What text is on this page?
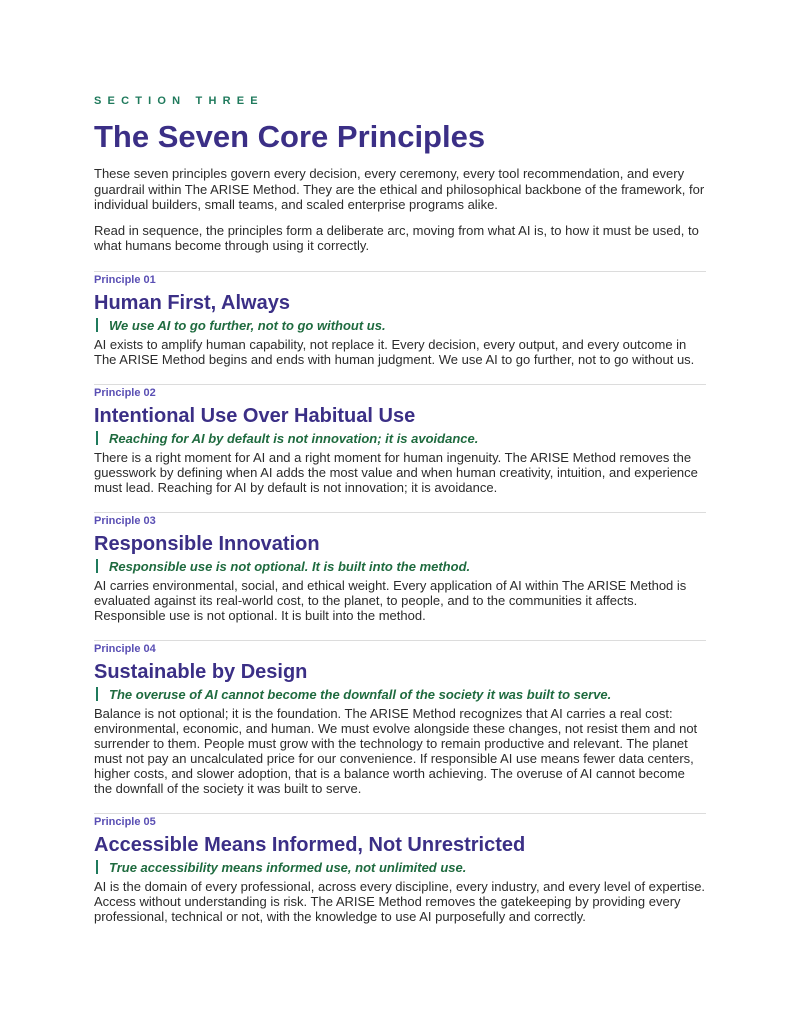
SECTION THREE
The Seven Core Principles

These seven principles govern every decision, every ceremony, every tool recommendation, and every guardrail within The ARISE Method. They are the ethical and philosophical backbone of the framework, for individual builders, small teams, and scaled enterprise programs alike.

Read in sequence, the principles form a deliberate arc, moving from what AI is, to how it must be used, to what humans become through using it correctly.

Principle 01
Human First, Always
We use AI to go further, not to go without us.

AI exists to amplify human capability, not replace it. Every decision, every output, and every outcome in The ARISE Method begins and ends with human judgment. We use AI to go further, not to go without us.

Principle 02
Intentional Use Over Habitual Use
Reaching for AI by default is not innovation; it is avoidance.

There is a right moment for AI and a right moment for human ingenuity. The ARISE Method removes the guesswork by defining when AI adds the most value and when human creativity, intuition, and experience must lead. Reaching for AI by default is not innovation; it is avoidance.

Principle 03
Responsible Innovation
Responsible use is not optional. It is built into the method.

AI carries environmental, social, and ethical weight. Every application of AI within The ARISE Method is evaluated against its real-world cost, to the planet, to people, and to the communities it affects. Responsible use is not optional. It is built into the method.

Principle 04
Sustainable by Design
The overuse of AI cannot become the downfall of the society it was built to serve.

Balance is not optional; it is the foundation. The ARISE Method recognizes that AI carries a real cost: environmental, economic, and human. We must evolve alongside these changes, not resist them and not surrender to them. People must grow with the technology to remain productive and relevant. The planet must not pay an uncalculated price for our convenience. If responsible AI use means fewer data centers, higher costs, and slower adoption, that is a balance worth achieving. The overuse of AI cannot become the downfall of the society it was built to serve.

Principle 05
Accessible Means Informed, Not Unrestricted
True accessibility means informed use, not unlimited use.

AI is the domain of every professional, across every discipline, every industry, and every level of expertise. Access without understanding is risk. The ARISE Method removes the gatekeeping by providing every professional, technical or not, with the knowledge to use AI purposefully and correctly.
